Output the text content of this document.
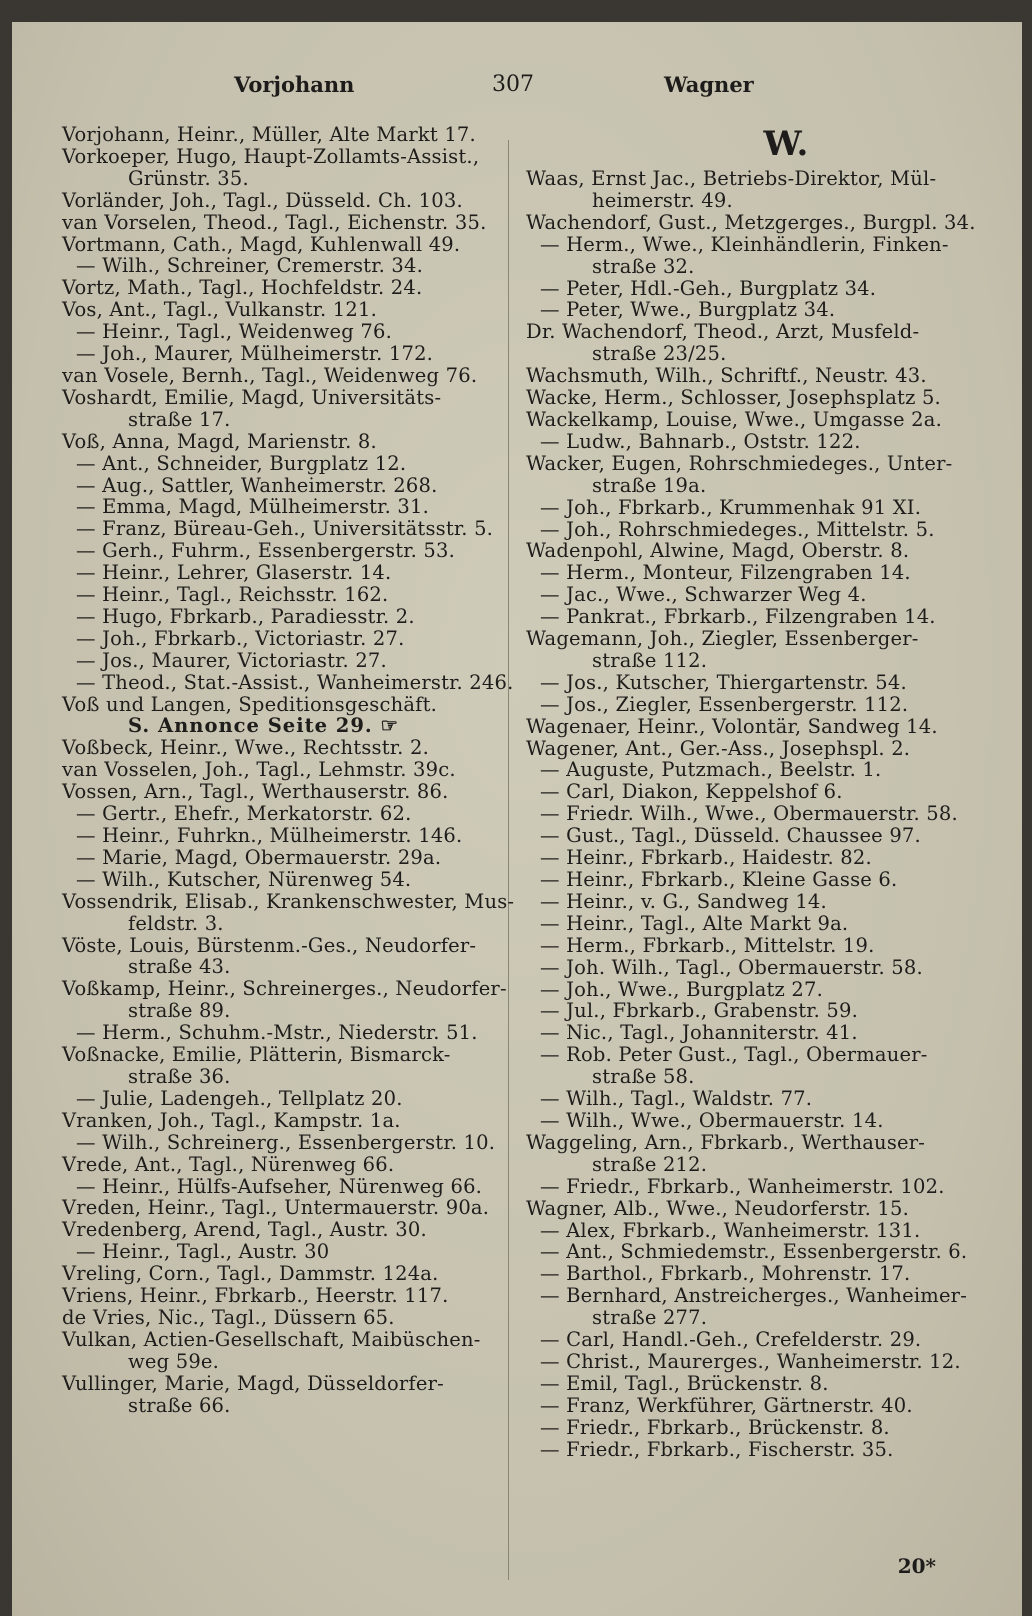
Vorjohann	307	Wagner
Vorjohann, Heinr., Müller, Alte Markt 17.
Vorkoeper, Hugo, Haupt-Zollamts-Assist.,
Grünstr. 35.
Vorländer, Joh., Tagl., Düsseld. Ch. 103.
van Vorselen, Theod., Tagl., Eichenstr. 35.
Vortmann, Cath., Magd, Kuhlenwall 49.
— Wilh., Schreiner, Cremerstr. 34.
Vortz, Math., Tagl., Hochfeldstr. 24.
Vos, Ant., Tagl., Vulkanstr. 121.
— Heinr., Tagl., Weidenweg 76.
— Joh., Maurer, Mülheimerstr. 172.
van Vosele, Bernh., Tagl., Weidenweg 76.
Voshardt, Emilie, Magd, Universitäts-
straße 17.
Voß, Anna, Magd, Marienstr. 8.
— Ant., Schneider, Burgplatz 12.
— Aug., Sattler, Wanheimerstr. 268.
— Emma, Magd, Mülheimerstr. 31.
— Franz, Büreau-Geh., Universitätsstr. 5.
— Gerh., Fuhrm., Essenbergerstr. 53.
— Heinr., Lehrer, Glaserstr. 14.
— Heinr., Tagl., Reichsstr. 162.
— Hugo, Fbrkarb., Paradiesstr. 2.
— Joh., Fbrkarb., Victoriastr. 27.
— Jos., Maurer, Victoriastr. 27.
— Theod., Stat.-Assist., Wanheimerstr. 246.
Voß und Langen, Speditionsgeschäft.
S. Annonce Seite 29. ☞
Voßbeck, Heinr., Wwe., Rechtsstr. 2.
van Vosselen, Joh., Tagl., Lehmstr. 39c.
Vossen, Arn., Tagl., Werthauserstr. 86.
— Gertr., Ehefr., Merkatorstr. 62.
— Heinr., Fuhrkn., Mülheimerstr. 146.
— Marie, Magd, Obermauerstr. 29a.
— Wilh., Kutscher, Nürenweg 54.
Vossendrik, Elisab., Krankenschwester, Mus-
feldstr. 3.
Vöste, Louis, Bürstenm.-Ges., Neudorfer-
straße 43.
Voßkamp, Heinr., Schreinerges., Neudorfer-
straße 89.
— Herm., Schuhm.-Mstr., Niederstr. 51.
Voßnacke, Emilie, Plätterin, Bismarck-
straße 36.
— Julie, Ladengeh., Tellplatz 20.
Vranken, Joh., Tagl., Kampstr. 1a.
— Wilh., Schreinerg., Essenbergerstr. 10.
Vrede, Ant., Tagl., Nürenweg 66.
— Heinr., Hülfs-Aufseher, Nürenweg 66.
Vreden, Heinr., Tagl., Untermauerstr. 90a.
Vredenberg, Arend, Tagl., Austr. 30.
— Heinr., Tagl., Austr. 30
Vreling, Corn., Tagl., Dammstr. 124a.
Vriens, Heinr., Fbrkarb., Heerstr. 117.
de Vries, Nic., Tagl., Düssern 65.
Vulkan, Actien-Gesellschaft, Maibüschen-
weg 59e.
Vullinger, Marie, Magd, Düsseldorfer-
straße 66.
W.
Waas, Ernst Jac., Betriebs-Direktor, Mül-
heimerstr. 49.
Wachendorf, Gust., Metzgerges., Burgpl. 34.
— Herm., Wwe., Kleinhändlerin, Finken-
straße 32.
— Peter, Hdl.-Geh., Burgplatz 34.
— Peter, Wwe., Burgplatz 34.
Dr. Wachendorf, Theod., Arzt, Musfeld-
straße 23/25.
Wachsmuth, Wilh., Schriftf., Neustr. 43.
Wacke, Herm., Schlosser, Josephsplatz 5.
Wackelkamp, Louise, Wwe., Umgasse 2a.
— Ludw., Bahnarb., Oststr. 122.
Wacker, Eugen, Rohrschmiedeges., Unter-
straße 19a.
— Joh., Fbrkarb., Krummenhak 91 XI.
— Joh., Rohrschmiedeges., Mittelstr. 5.
Wadenpohl, Alwine, Magd, Oberstr. 8.
— Herm., Monteur, Filzengraben 14.
— Jac., Wwe., Schwarzer Weg 4.
— Pankrat., Fbrkarb., Filzengraben 14.
Wagemann, Joh., Ziegler, Essenberger-
straße 112.
— Jos., Kutscher, Thiergartenstr. 54.
— Jos., Ziegler, Essenbergerstr. 112.
Wagenaer, Heinr., Volontär, Sandweg 14.
Wagener, Ant., Ger.-Ass., Josephspl. 2.
— Auguste, Putzmach., Beelstr. 1.
— Carl, Diakon, Keppelshof 6.
— Friedr. Wilh., Wwe., Obermauerstr. 58.
— Gust., Tagl., Düsseld. Chaussee 97.
— Heinr., Fbrkarb., Haidestr. 82.
— Heinr., Fbrkarb., Kleine Gasse 6.
— Heinr., v. G., Sandweg 14.
— Heinr., Tagl., Alte Markt 9a.
— Herm., Fbrkarb., Mittelstr. 19.
— Joh. Wilh., Tagl., Obermauerstr. 58.
— Joh., Wwe., Burgplatz 27.
— Jul., Fbrkarb., Grabenstr. 59.
— Nic., Tagl., Johanniterstr. 41.
— Rob. Peter Gust., Tagl., Obermauer-
straße 58.
— Wilh., Tagl., Waldstr. 77.
— Wilh., Wwe., Obermauerstr. 14.
Waggeling, Arn., Fbrkarb., Werthauser-
straße 212.
— Friedr., Fbrkarb., Wanheimerstr. 102.
Wagner, Alb., Wwe., Neudorferstr. 15.
— Alex, Fbrkarb., Wanheimerstr. 131.
— Ant., Schmiedemstr., Essenbergerstr. 6.
— Barthol., Fbrkarb., Mohrenstr. 17.
— Bernhard, Anstreicherges., Wanheimer-
straße 277.
— Carl, Handl.-Geh., Crefelderstr. 29.
— Christ., Maurerges., Wanheimerstr. 12.
— Emil, Tagl., Brückenstr. 8.
— Franz, Werkführer, Gärtnerstr. 40.
— Friedr., Fbrkarb., Brückenstr. 8.
— Friedr., Fbrkarb., Fischerstr. 35.
20*
